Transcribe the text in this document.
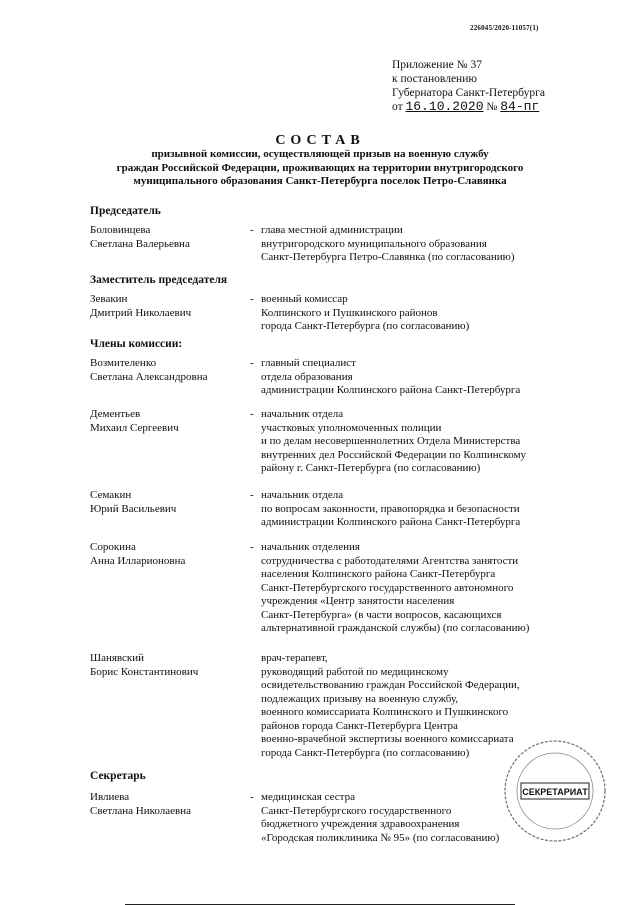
226045/2020-11057(1)
Приложение № 37
к постановлению
Губернатора Санкт-Петербурга
от 16.10.2020 № 84-пг
СОСТАВ
призывной комиссии, осуществляющей призыв на военную службу
граждан Российской Федерации, проживающих на территории внутригородского
муниципального образования Санкт-Петербурга поселок Петро-Славянка
Председатель
Боловинцева
Светлана Валерьевна
- глава местной администрации
внутригородского муниципального образования
Санкт-Петербурга Петро-Славянка (по согласованию)
Заместитель председателя
Зевакин
Дмитрий Николаевич
- военный комиссар
Колпинского и Пушкинского районов
города Санкт-Петербурга (по согласованию)
Члены комиссии:
Возмителенко
Светлана Александровна
- главный специалист
отдела образования
администрации Колпинского района Санкт-Петербурга
Дементьев
Михаил Сергеевич
- начальник отдела
участковых уполномоченных полиции
и по делам несовершеннолетних Отдела Министерства
внутренних дел Российской Федерации по Колпинскому
району г. Санкт-Петербурга (по согласованию)
Семакин
Юрий Васильевич
- начальник отдела
по вопросам законности, правопорядка и безопасности
администрации Колпинского района Санкт-Петербурга
Сорокина
Анна Илларионовна
- начальник отделения
сотрудничества с работодателями Агентства занятости
населения Колпинского района Санкт-Петербурга
Санкт-Петербургского государственного автономного
учреждения «Центр занятости населения
Санкт-Петербурга» (в части вопросов, касающихся
альтернативной гражданской службы) (по согласованию)
Шанявский
Борис Константинович
врач-терапевт,
руководящий работой по медицинскому
освидетельствованию граждан Российской Федерации,
подлежащих призыву на военную службу,
военного комиссариата Колпинского и Пушкинского
районов города Санкт-Петербурга Центра
военно-врачебной экспертизы военного комиссариата
города Санкт-Петербурга (по согласованию)
Секретарь
Ивлиева
Светлана Николаевна
- медицинская сестра
Санкт-Петербургского государственного
бюджетного учреждения здравоохранения
«Городская поликлиника № 95» (по согласованию)
СЕКРЕТАРИАТ
